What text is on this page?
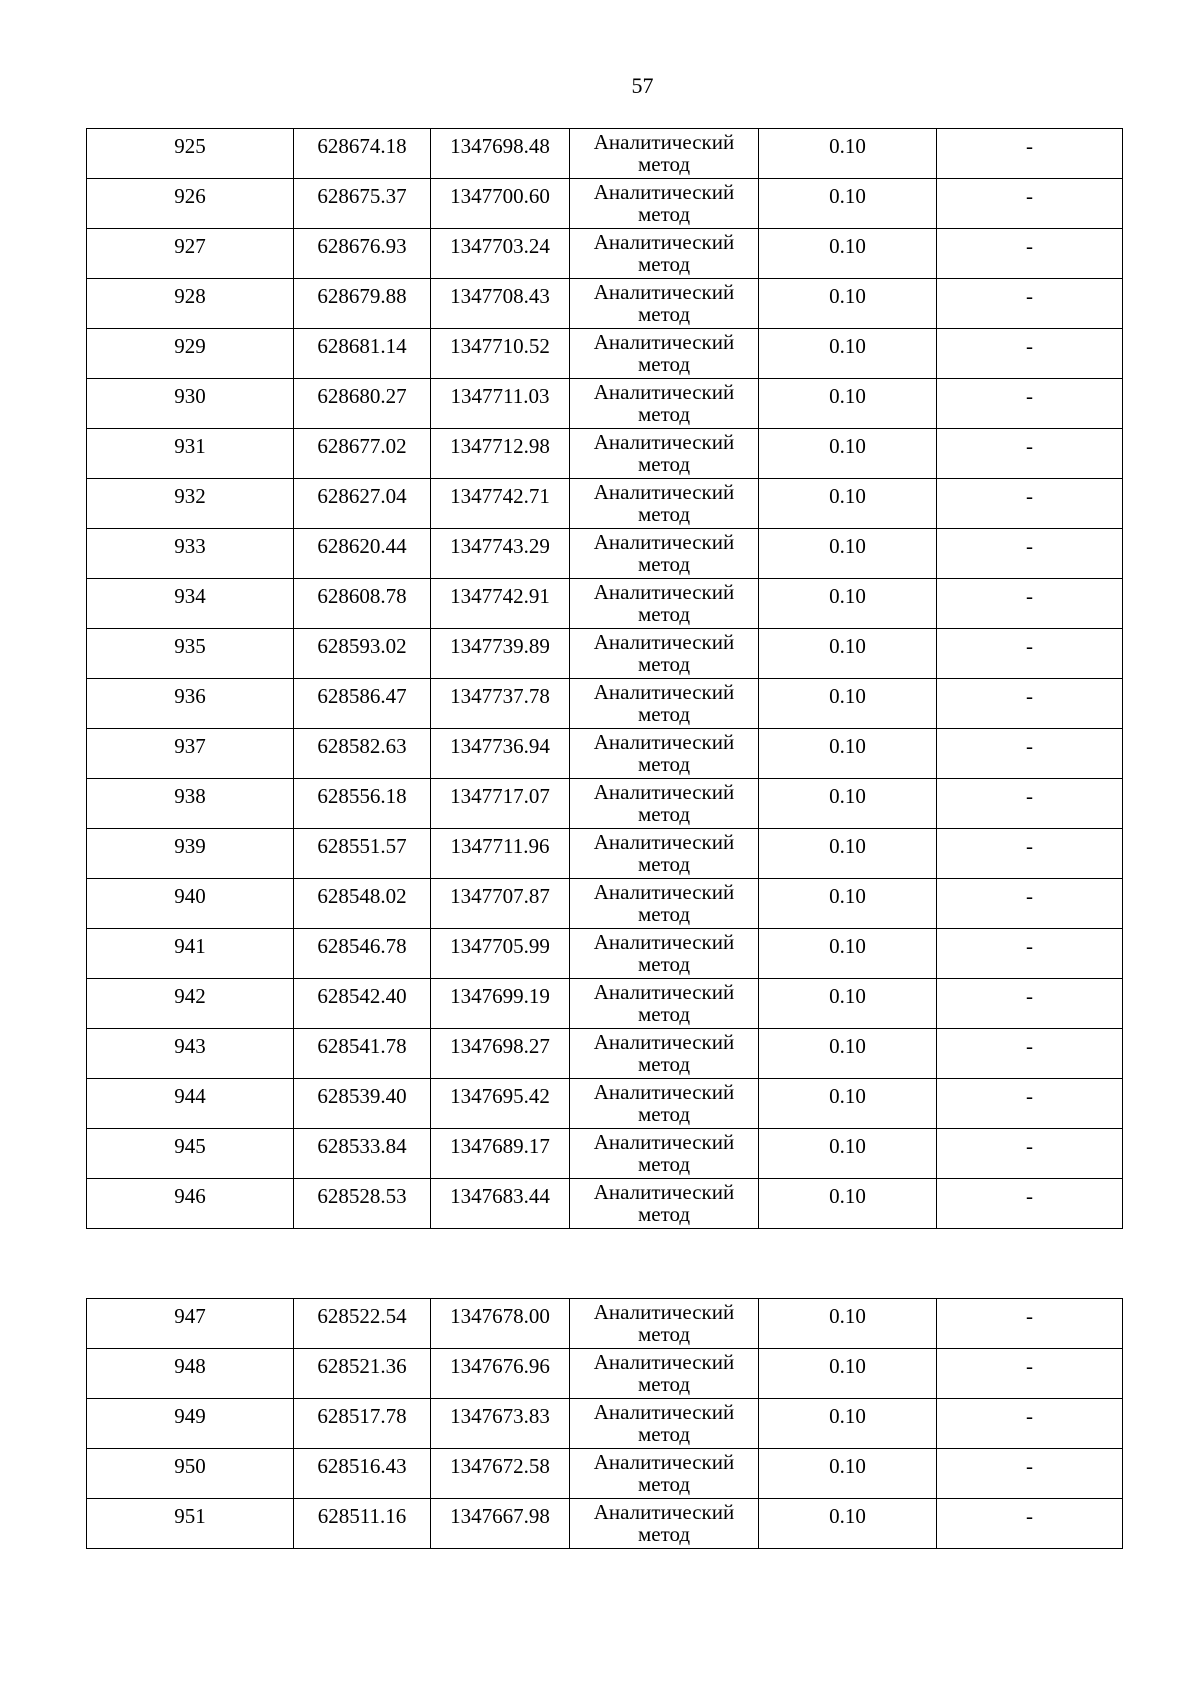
57
925	628674.18	1347698.48	Аналитический метод	0.10	-

926	628675.37	1347700.60	Аналитический метод	0.10	-

927	628676.93	1347703.24	Аналитический метод	0.10	-

928	628679.88	1347708.43	Аналитический метод	0.10	-

929	628681.14	1347710.52	Аналитический метод	0.10	-

930	628680.27	1347711.03	Аналитический метод	0.10	-

931	628677.02	1347712.98	Аналитический метод	0.10	-

932	628627.04	1347742.71	Аналитический метод	0.10	-

933	628620.44	1347743.29	Аналитический метод	0.10	-

934	628608.78	1347742.91	Аналитический метод	0.10	-

935	628593.02	1347739.89	Аналитический метод	0.10	-

936	628586.47	1347737.78	Аналитический метод	0.10	-

937	628582.63	1347736.94	Аналитический метод	0.10	-

938	628556.18	1347717.07	Аналитический метод	0.10	-

939	628551.57	1347711.96	Аналитический метод	0.10	-

940	628548.02	1347707.87	Аналитический метод	0.10	-

941	628546.78	1347705.99	Аналитический метод	0.10	-

942	628542.40	1347699.19	Аналитический метод	0.10	-

943	628541.78	1347698.27	Аналитический метод	0.10	-

944	628539.40	1347695.42	Аналитический метод	0.10	-

945	628533.84	1347689.17	Аналитический метод	0.10	-

946	628528.53	1347683.44	Аналитический метод	0.10	-
947	628522.54	1347678.00	Аналитический метод	0.10	-

948	628521.36	1347676.96	Аналитический метод	0.10	-

949	628517.78	1347673.83	Аналитический метод	0.10	-

950	628516.43	1347672.58	Аналитический метод	0.10	-

951	628511.16	1347667.98	Аналитический метод	0.10	-
